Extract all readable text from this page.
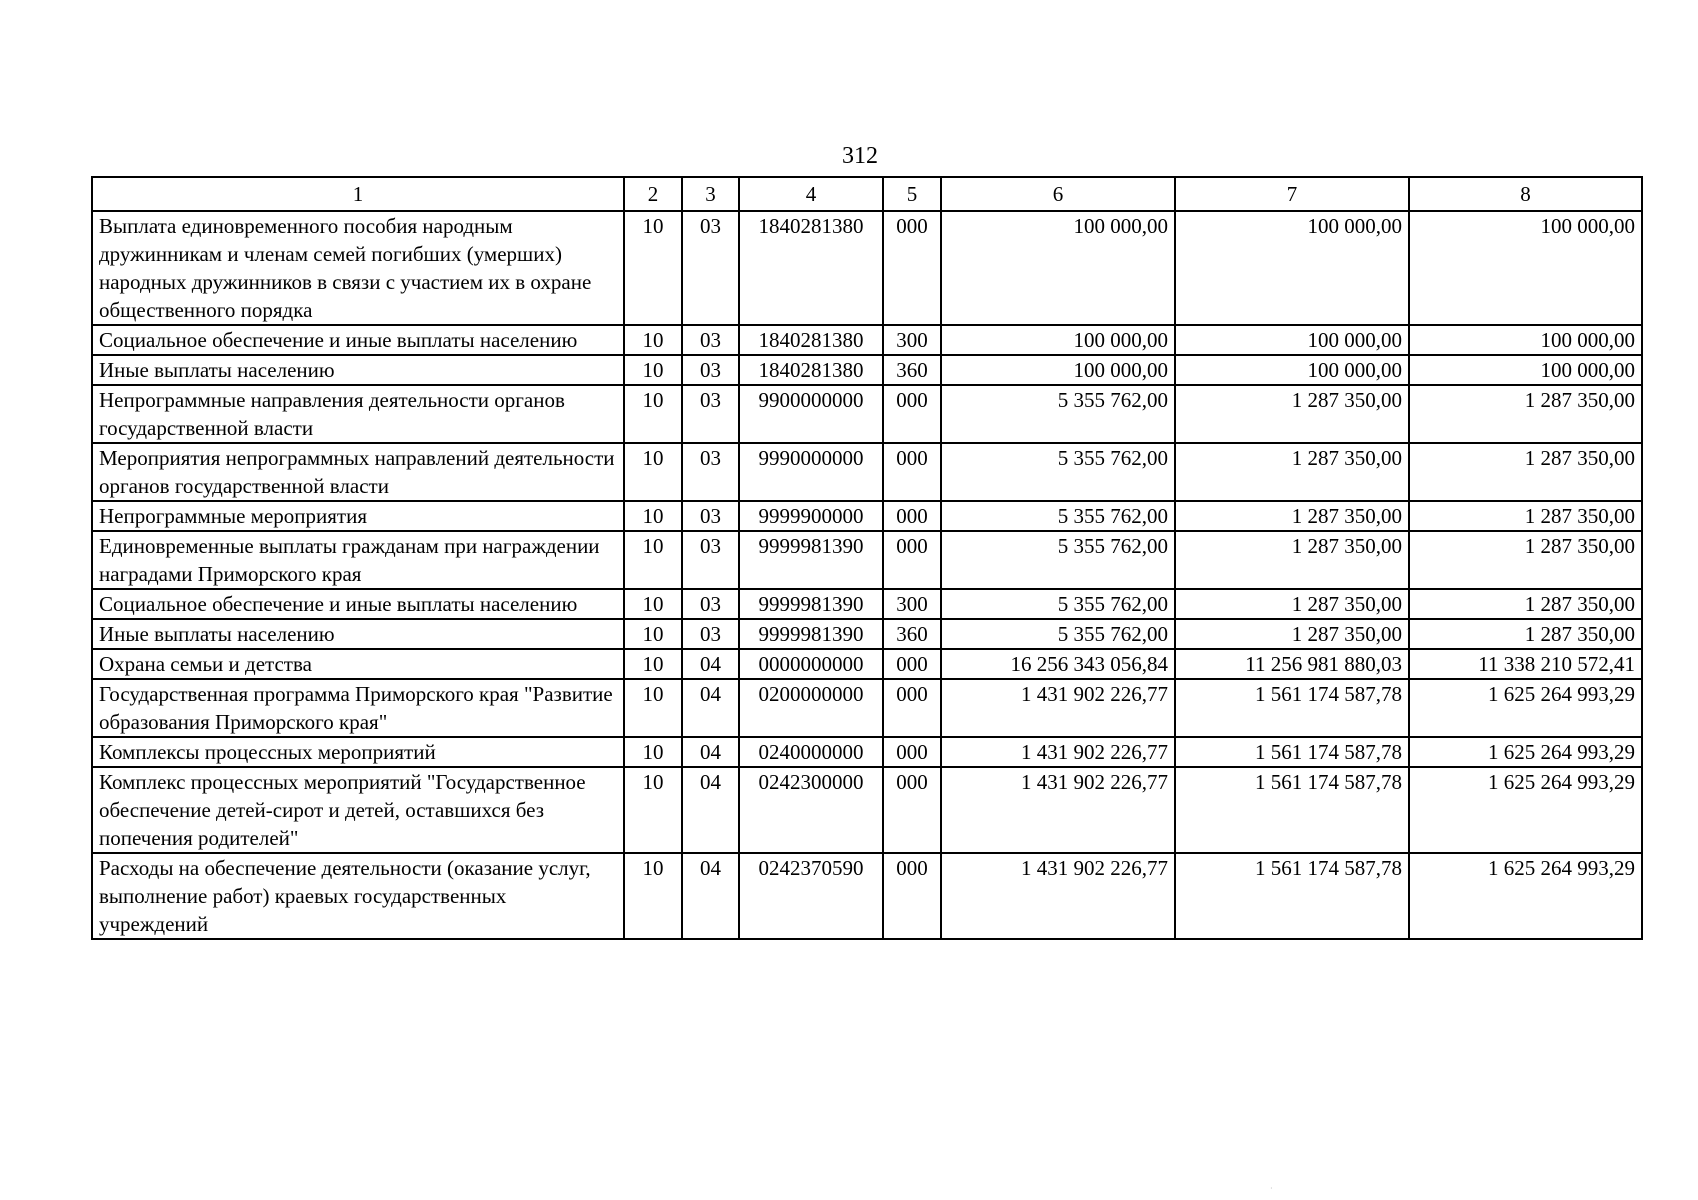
312
1	2	3	4	5	6	7	8
Выплата единовременного пособия народным дружинникам и членам семей погибших (умерших) народных дружинников в связи с участием их в охране общественного порядка	10	03	1840281380	000	100 000,00	100 000,00	100 000,00
Социальное обеспечение и иные выплаты населению	10	03	1840281380	300	100 000,00	100 000,00	100 000,00
Иные выплаты населению	10	03	1840281380	360	100 000,00	100 000,00	100 000,00
Непрограммные направления деятельности органов государственной власти	10	03	9900000000	000	5 355 762,00	1 287 350,00	1 287 350,00
Мероприятия непрограммных направлений деятельности органов государственной власти	10	03	9990000000	000	5 355 762,00	1 287 350,00	1 287 350,00
Непрограммные мероприятия	10	03	9999900000	000	5 355 762,00	1 287 350,00	1 287 350,00
Единовременные выплаты гражданам при награждении наградами Приморского края	10	03	9999981390	000	5 355 762,00	1 287 350,00	1 287 350,00
Социальное обеспечение и иные выплаты населению	10	03	9999981390	300	5 355 762,00	1 287 350,00	1 287 350,00
Иные выплаты населению	10	03	9999981390	360	5 355 762,00	1 287 350,00	1 287 350,00
Охрана семьи и детства	10	04	0000000000	000	16 256 343 056,84	11 256 981 880,03	11 338 210 572,41
Государственная программа Приморского края "Развитие образования Приморского края"	10	04	0200000000	000	1 431 902 226,77	1 561 174 587,78	1 625 264 993,29
Комплексы процессных мероприятий	10	04	0240000000	000	1 431 902 226,77	1 561 174 587,78	1 625 264 993,29
Комплекс процессных мероприятий "Государственное обеспечение детей-сирот и детей, оставшихся без попечения родителей"	10	04	0242300000	000	1 431 902 226,77	1 561 174 587,78	1 625 264 993,29
Расходы на обеспечение деятельности (оказание услуг, выполнение работ) краевых государственных учреждений	10	04	0242370590	000	1 431 902 226,77	1 561 174 587,78	1 625 264 993,29
·
